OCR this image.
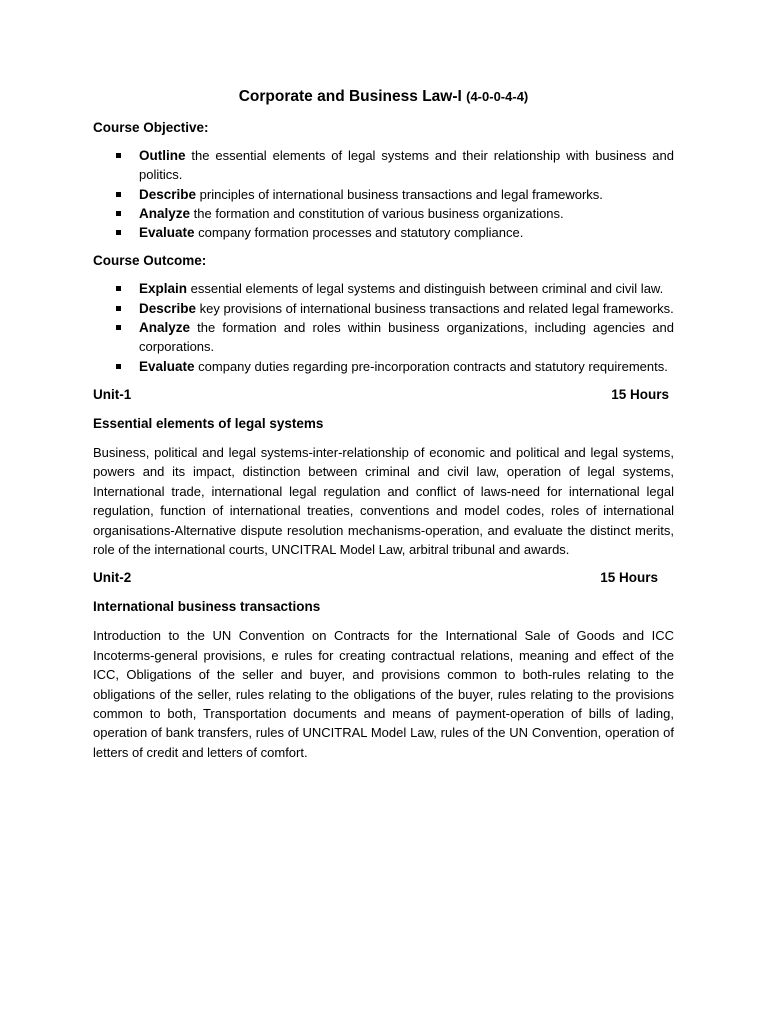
Corporate and Business Law-I (4-0-0-4-4)
Course Objective:
Outline the essential elements of legal systems and their relationship with business and politics.
Describe principles of international business transactions and legal frameworks.
Analyze the formation and constitution of various business organizations.
Evaluate company formation processes and statutory compliance.
Course Outcome:
Explain essential elements of legal systems and distinguish between criminal and civil law.
Describe key provisions of international business transactions and related legal frameworks.
Analyze the formation and roles within business organizations, including agencies and corporations.
Evaluate company duties regarding pre-incorporation contracts and statutory requirements.
Unit-1	15 Hours
Essential elements of legal systems

Business, political and legal systems-inter-relationship of economic and political and legal systems, powers and its impact, distinction between criminal and civil law, operation of legal systems, International trade, international legal regulation and conflict of laws-need for international legal regulation, function of international treaties, conventions and model codes, roles of international organisations-Alternative dispute resolution mechanisms-operation, and evaluate the distinct merits, role of the international courts, UNCITRAL Model Law, arbitral tribunal and awards.

Unit-2	15 Hours
International business transactions

Introduction to the UN Convention on Contracts for the International Sale of Goods and ICC Incoterms-general provisions, e rules for creating contractual relations, meaning and effect of the ICC, Obligations of the seller and buyer, and provisions common to both-rules relating to the obligations of the seller, rules relating to the obligations of the buyer, rules relating to the provisions common to both, Transportation documents and means of payment-operation of bills of lading, operation of bank transfers, rules of UNCITRAL Model Law, rules of the UN Convention, operation of letters of credit and letters of comfort.
